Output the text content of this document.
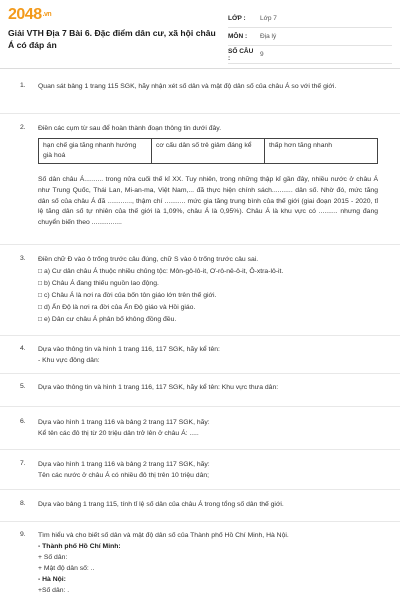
2048.vn
Giải VTH Địa 7 Bài 6. Đặc điểm dân cư, xã hội châu Á có đáp án
LỚP :	Lớp 7
MÔN :	Địa lý
SỐ CÂU :	9
1. Quan sát bảng 1 trang 115 SGK, hãy nhận xét số dân và mật độ dân số của châu Á so với thế giới.
2. Điền các cụm từ sau để hoàn thành đoạn thông tin dưới đây.
hạn chế gia tăng nhanh hướng già hoá	cơ cấu dân số trẻ giảm đáng kể	thấp hơn tăng nhanh
Số dân châu Á.......... trong nửa cuối thế kỉ XX. Tuy nhiên, trong những thập kỉ gần đây, nhiều nước ở châu Á như Trung Quốc, Thái Lan, Mi-an-ma, Việt Nam,... đã thực hiện chính sách........... dân số. Nhờ đó, mức tăng dân số của châu Á đã ............., thậm chí ........... mức gia tăng trung bình của thế giới (giai đoạn 2015 - 2020, tỉ lệ tăng dân số tự nhiên của thế giới là 1,09%, châu Á là 0,95%). Châu Á là khu vực có .......... nhưng đang chuyển biến theo ................
3. Điền chữ Đ vào ô trống trước câu đúng, chữ S vào ô trống trước câu sai.
□ a) Cư dân châu Á thuộc nhiều chủng tộc: Môn-gô-lô-it, Ơ-rô-nê-ô-it, Ô-xtra-lô-it.
□ b) Châu Á đang thiếu nguồn lao động.
□ c) Châu Á là nơi ra đời của bốn tôn giáo lớn trên thế giới.
□ d) Ấn Độ là nơi ra đời của Ấn Độ giáo và Hồi giáo.
□ e) Dân cư châu Á phân bố không đồng đều.
4. Dựa vào thông tin và hình 1 trang 116, 117 SGK, hãy kể tên:
- Khu vực đông dân:
5. Dựa vào thông tin và hình 1 trang 116, 117 SGK, hãy kể tên: Khu vực thưa dân:
6. Dựa vào hình 1 trang 116 và bảng 2 trang 117 SGK, hãy:
Kể tên các đô thị từ 20 triệu dân trở lên ở châu Á: .....
7. Dựa vào hình 1 trang 116 và bảng 2 trang 117 SGK, hãy:
Tên các nước ở châu Á có nhiều đô thị trên 10 triệu dân;
8. Dựa vào bảng 1 trang 115, tính tỉ lệ số dân của châu Á trong tổng số dân thế giới.
9. Tìm hiểu và cho biết số dân và mật độ dân số của Thành phố Hồ Chí Minh, Hà Nội.
- Thành phố Hồ Chí Minh:
+ Số dân:
+ Mật độ dân số: ..
- Hà Nội:
+Số dân: .
